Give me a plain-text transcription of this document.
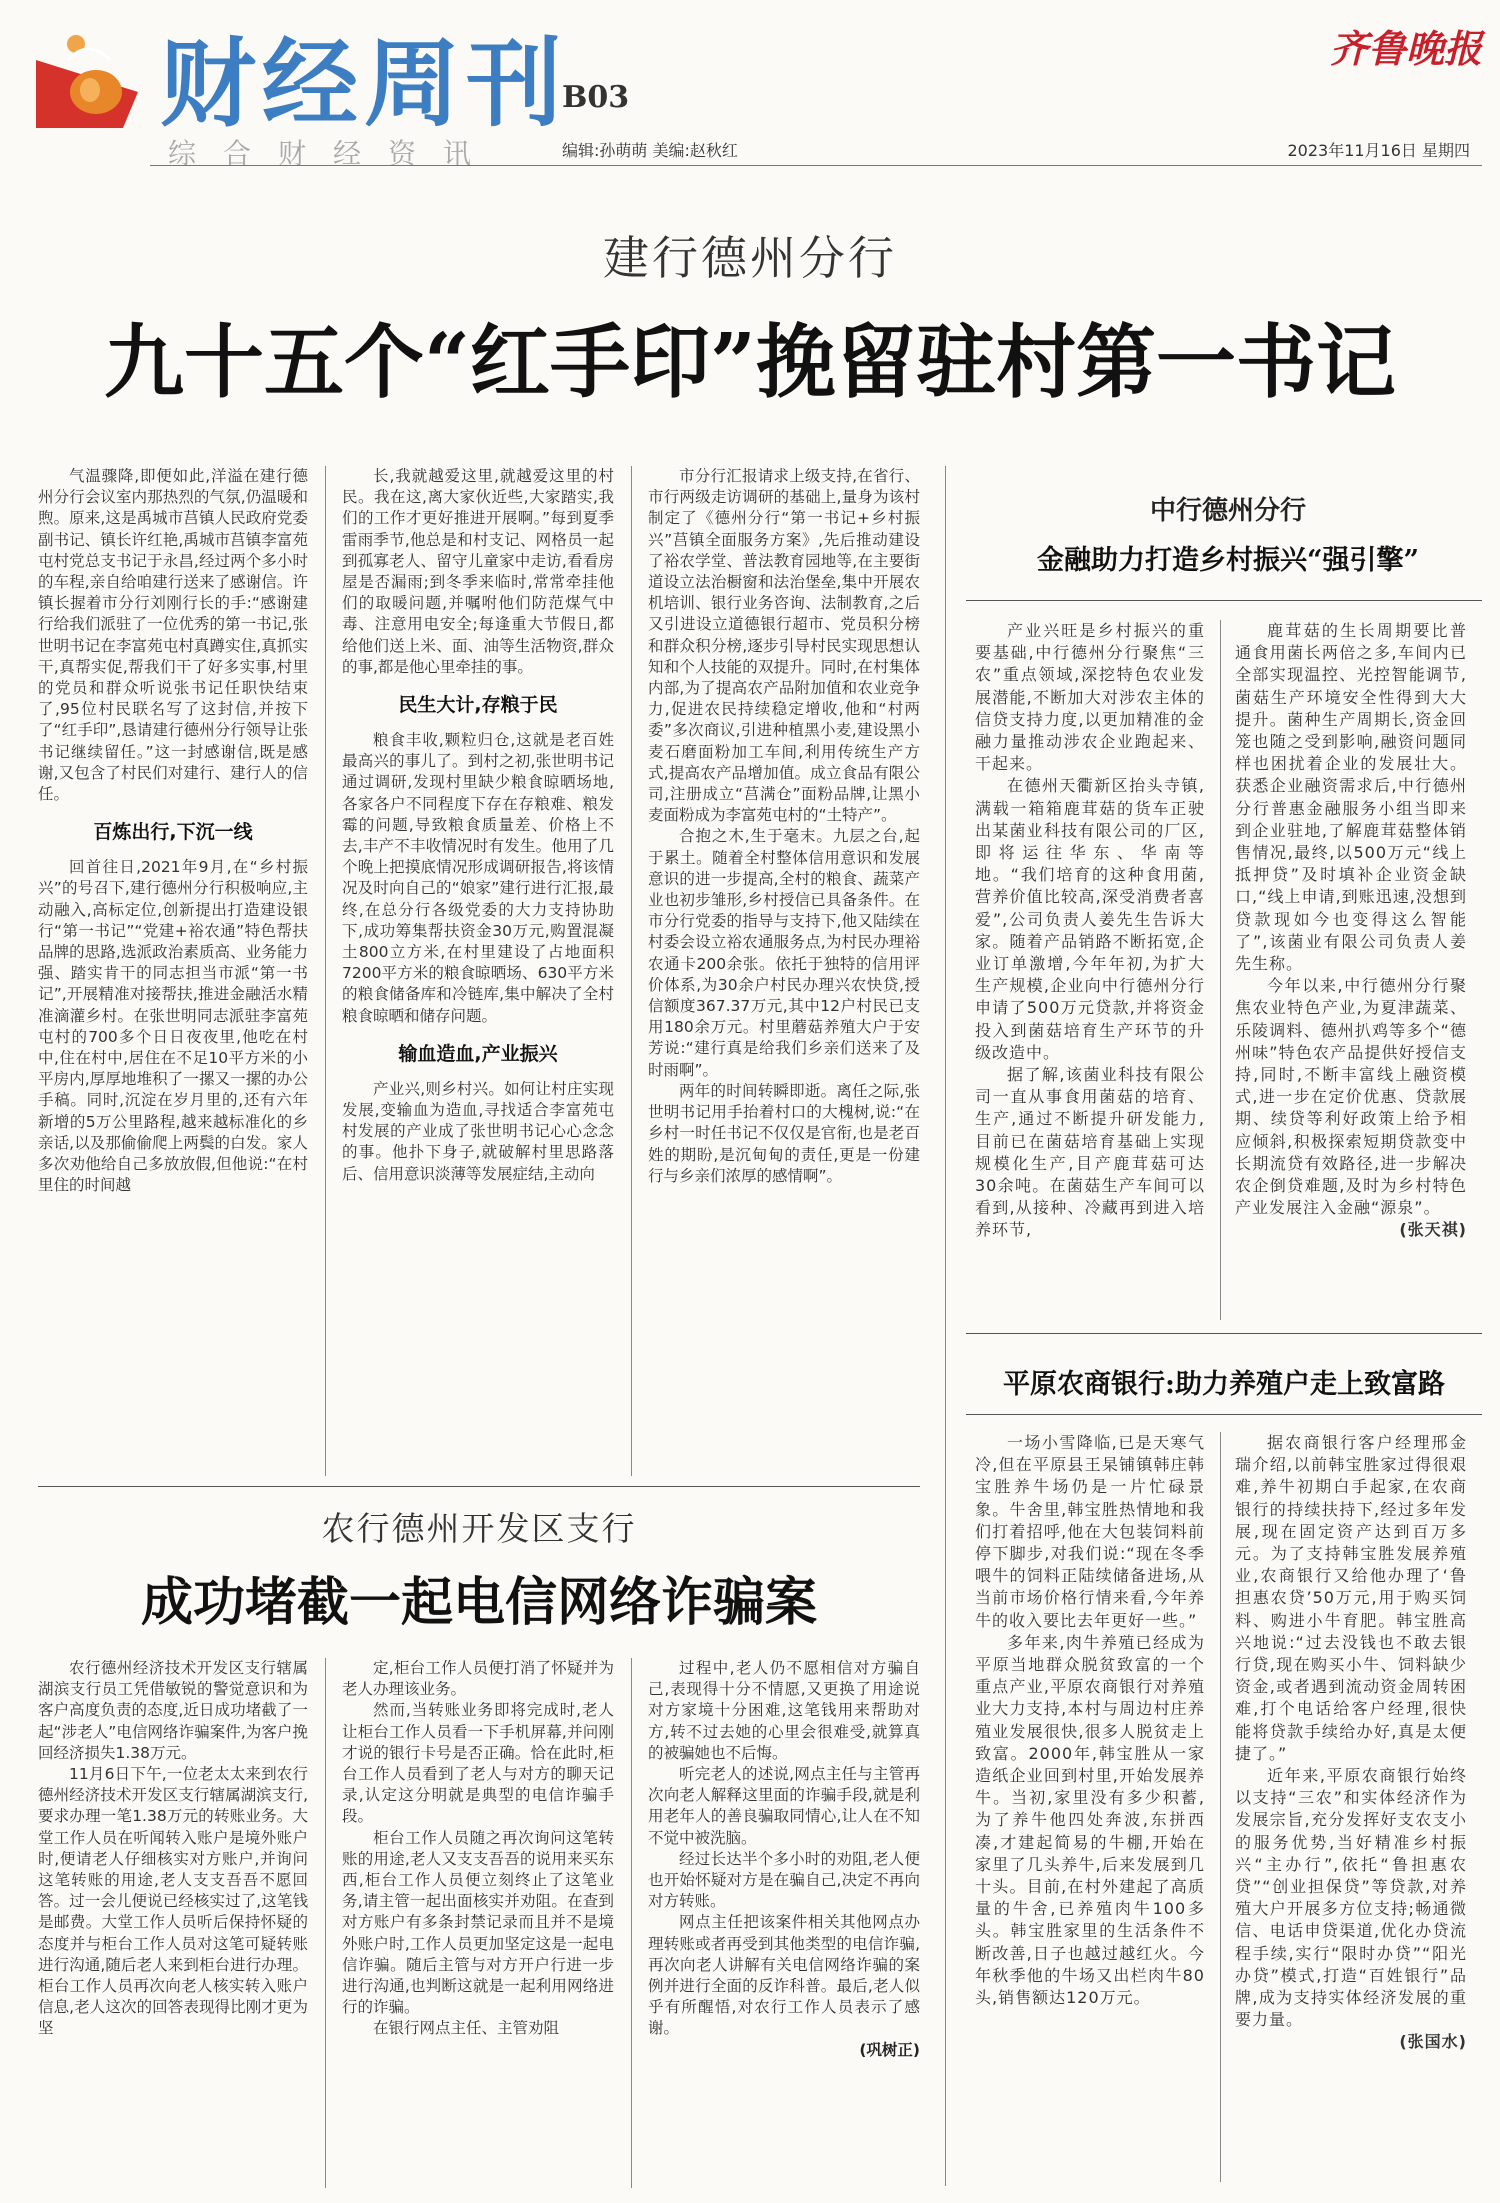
财经周刊
B03
综合财经资讯	编辑:孙萌萌 美编:赵秋红
齐鲁晚报
2023年11月16日 星期四
建行德州分行
九十五个“红手印”挽留驻村第一书记

气温骤降,即便如此,洋溢在建行德州分行会议室内那热烈的气氛,仍温暖和煦。原来,这是禹城市莒镇人民政府党委副书记、镇长许红艳,禹城市莒镇李富苑屯村党总支书记于永昌,经过两个多小时的车程,亲自给咱建行送来了感谢信。许镇长握着市分行刘刚行长的手:“感谢建行给我们派驻了一位优秀的第一书记,张世明书记在李富苑屯村真蹲实住,真抓实干,真帮实促,帮我们干了好多实事,村里的党员和群众听说张书记任职快结束了,95位村民联名写了这封信,并按下了“红手印”,恳请建行德州分行领导让张书记继续留任。”这一封感谢信,既是感谢,又包含了村民们对建行、建行人的信任。

百炼出行,下沉一线

回首往日,2021年9月,在“乡村振兴”的号召下,建行德州分行积极响应,主动融入,高标定位,创新提出打造建设银行“第一书记”“党建+裕农通”特色帮扶品牌的思路,选派政治素质高、业务能力强、踏实肯干的同志担当市派“第一书记”,开展精准对接帮扶,推进金融活水精准滴灌乡村。在张世明同志派驻李富苑屯村的700多个日日夜夜里,他吃在村中,住在村中,居住在不足10平方米的小平房内,厚厚地堆积了一摞又一摞的办公手稿。同时,沉淀在岁月里的,还有六年新增的5万公里路程,越来越标准化的乡亲话,以及那偷偷爬上两鬓的白发。家人多次劝他给自己多放放假,但他说:“在村里住的时间越

长,我就越爱这里,就越爱这里的村民。我在这,离大家伙近些,大家踏实,我们的工作才更好推进开展啊。”每到夏季雷雨季节,他总是和村支记、网格员一起到孤寡老人、留守儿童家中走访,看看房屋是否漏雨;到冬季来临时,常常牵挂他们的取暖问题,并嘱咐他们防范煤气中毒、注意用电安全;每逢重大节假日,都给他们送上米、面、油等生活物资,群众的事,都是他心里牵挂的事。

民生大计,存粮于民

粮食丰收,颗粒归仓,这就是老百姓最高兴的事儿了。到村之初,张世明书记通过调研,发现村里缺少粮食晾晒场地,各家各户不同程度下存在存粮难、粮发霉的问题,导致粮食质量差、价格上不去,丰产不丰收情况时有发生。他用了几个晚上把摸底情况形成调研报告,将该情况及时向自己的“娘家”建行进行汇报,最终,在总分行各级党委的大力支持协助下,成功筹集帮扶资金30万元,购置混凝土800立方米,在村里建设了占地面积7200平方米的粮食晾晒场、630平方米的粮食储备库和冷链库,集中解决了全村粮食晾晒和储存问题。

输血造血,产业振兴

产业兴,则乡村兴。如何让村庄实现发展,变输血为造血,寻找适合李富苑屯村发展的产业成了张世明书记心心念念的事。他扑下身子,就破解村里思路落后、信用意识淡薄等发展症结,主动向

市分行汇报请求上级支持,在省行、市行两级走访调研的基础上,量身为该村制定了《德州分行“第一书记+乡村振兴”莒镇全面服务方案》,先后推动建设了裕农学堂、普法教育园地等,在主要街道设立法治橱窗和法治堡垒,集中开展农机培训、银行业务咨询、法制教育,之后又引进设立道德银行超市、党员积分榜和群众积分榜,逐步引导村民实现思想认知和个人技能的双提升。同时,在村集体内部,为了提高农产品附加值和农业竞争力,促进农民持续稳定增收,他和“村两委”多次商议,引进种植黑小麦,建设黑小麦石磨面粉加工车间,利用传统生产方式,提高农产品增加值。成立食品有限公司,注册成立“莒满仓”面粉品牌,让黑小麦面粉成为李富苑屯村的“土特产”。

合抱之木,生于毫末。九层之台,起于累土。随着全村整体信用意识和发展意识的进一步提高,全村的粮食、蔬菜产业也初步雏形,乡村授信已具备条件。在市分行党委的指导与支持下,他又陆续在村委会设立裕农通服务点,为村民办理裕农通卡200余张。依托于独特的信用评价体系,为30余户村民办理兴农快贷,授信额度367.37万元,其中12户村民已支用180余万元。村里蘑菇养殖大户于安芳说:“建行真是给我们乡亲们送来了及时雨啊”。

两年的时间转瞬即逝。离任之际,张世明书记用手抬着村口的大槐树,说:“在乡村一时任书记不仅仅是官衔,也是老百姓的期盼,是沉甸甸的责任,更是一份建行与乡亲们浓厚的感情啊”。

中行德州分行
金融助力打造乡村振兴“强引擎”

产业兴旺是乡村振兴的重要基础,中行德州分行聚焦“三农”重点领域,深挖特色农业发展潜能,不断加大对涉农主体的信贷支持力度,以更加精准的金融力量推动涉农企业跑起来、干起来。

在德州天衢新区抬头寺镇,满载一箱箱鹿茸菇的货车正驶出某菌业科技有限公司的厂区,即将运往华东、华南等地。“我们培育的这种食用菌,营养价值比较高,深受消费者喜爱”,公司负责人姜先生告诉大家。随着产品销路不断拓宽,企业订单激增,今年年初,为扩大生产规模,企业向中行德州分行申请了500万元贷款,并将资金投入到菌菇培育生产环节的升级改造中。

据了解,该菌业科技有限公司一直从事食用菌菇的培育、生产,通过不断提升研发能力,目前已在菌菇培育基础上实现规模化生产,目产鹿茸菇可达30余吨。在菌菇生产车间可以看到,从接种、冷藏再到进入培养环节,

鹿茸菇的生长周期要比普通食用菌长两倍之多,车间内已全部实现温控、光控智能调节,菌菇生产环境安全性得到大大提升。菌种生产周期长,资金回笼也随之受到影响,融资问题同样也困扰着企业的发展壮大。获悉企业融资需求后,中行德州分行普惠金融服务小组当即来到企业驻地,了解鹿茸菇整体销售情况,最终,以500万元“线上抵押贷”及时填补企业资金缺口,“线上申请,到账迅速,没想到贷款现如今也变得这么智能了”,该菌业有限公司负责人姜先生称。

今年以来,中行德州分行聚焦农业特色产业,为夏津蔬菜、乐陵调料、德州扒鸡等多个“德州味”特色农产品提供好授信支持,同时,不断丰富线上融资模式,进一步在定价优惠、贷款展期、续贷等利好政策上给予相应倾斜,积极探索短期贷款变中长期流贷有效路径,进一步解决农企倒贷难题,及时为乡村特色产业发展注入金融“源泉”。

(张天祺)

平原农商银行:助力养殖户走上致富路

一场小雪降临,已是天寒气冷,但在平原县王杲铺镇韩庄韩宝胜养牛场仍是一片忙碌景象。牛舍里,韩宝胜热情地和我们打着招呼,他在大包装饲料前停下脚步,对我们说:“现在冬季喂牛的饲料正陆续储备进场,从当前市场价格行情来看,今年养牛的收入要比去年更好一些。”

多年来,肉牛养殖已经成为平原当地群众脱贫致富的一个重点产业,平原农商银行对养殖业大力支持,本村与周边村庄养殖业发展很快,很多人脱贫走上致富。2000年,韩宝胜从一家造纸企业回到村里,开始发展养牛。当初,家里没有多少积蓄,为了养牛他四处奔波,东拼西凑,才建起简易的牛棚,开始在家里了几头养牛,后来发展到几十头。目前,在村外建起了高质量的牛舍,已养殖肉牛100多头。韩宝胜家里的生活条件不断改善,日子也越过越红火。今年秋季他的牛场又出栏肉牛80头,销售额达120万元。

据农商银行客户经理邢金瑞介绍,以前韩宝胜家过得很艰难,养牛初期白手起家,在农商银行的持续扶持下,经过多年发展,现在固定资产达到百万多元。为了支持韩宝胜发展养殖业,农商银行又给他办理了‘鲁担惠农贷’50万元,用于购买饲料、购进小牛育肥。韩宝胜高兴地说:“过去没钱也不敢去银行贷,现在购买小牛、饲料缺少资金,或者遇到流动资金周转困难,打个电话给客户经理,很快能将贷款手续给办好,真是太便捷了。”

近年来,平原农商银行始终以支持“三农”和实体经济作为发展宗旨,充分发挥好支农支小的服务优势,当好精准乡村振兴“主办行”,依托“鲁担惠农贷”“创业担保贷”等贷款,对养殖大户开展多方位支持;畅通微信、电话申贷渠道,优化办贷流程手续,实行“限时办贷”“阳光办贷”模式,打造“百姓银行”品牌,成为支持实体经济发展的重要力量。

(张国水)

农行德州开发区支行
成功堵截一起电信网络诈骗案

农行德州经济技术开发区支行辖属湖滨支行员工凭借敏锐的警觉意识和为客户高度负责的态度,近日成功堵截了一起“涉老人”电信网络诈骗案件,为客户挽回经济损失1.38万元。

11月6日下午,一位老太太来到农行德州经济技术开发区支行辖属湖滨支行,要求办理一笔1.38万元的转账业务。大堂工作人员在听闻转入账户是境外账户时,便请老人仔细核实对方账户,并询问这笔转账的用途,老人支支吾吾不愿回答。过一会儿便说已经核实过了,这笔钱是邮费。大堂工作人员听后保持怀疑的态度并与柜台工作人员对这笔可疑转账进行沟通,随后老人来到柜台进行办理。柜台工作人员再次向老人核实转入账户信息,老人这次的回答表现得比刚才更为坚

定,柜台工作人员便打消了怀疑并为老人办理该业务。

然而,当转账业务即将完成时,老人让柜台工作人员看一下手机屏幕,并问刚才说的银行卡号是否正确。恰在此时,柜台工作人员看到了老人与对方的聊天记录,认定这分明就是典型的电信诈骗手段。

柜台工作人员随之再次询问这笔转账的用途,老人又支支吾吾的说用来买东西,柜台工作人员便立刻终止了这笔业务,请主管一起出面核实并劝阻。在查到对方账户有多条封禁记录而且并不是境外账户时,工作人员更加坚定这是一起电信诈骗。随后主管与对方开户行进一步进行沟通,也判断这就是一起利用网络进行的诈骗。

在银行网点主任、主管劝阻

过程中,老人仍不愿相信对方骗自己,表现得十分不情愿,又更换了用途说对方家境十分困难,这笔钱用来帮助对方,转不过去她的心里会很难受,就算真的被骗她也不后悔。

听完老人的述说,网点主任与主管再次向老人解释这里面的诈骗手段,就是利用老年人的善良骗取同情心,让人在不知不觉中被洗脑。

经过长达半个多小时的劝阻,老人便也开始怀疑对方是在骗自己,决定不再向对方转账。

网点主任把该案件相关其他网点办理转账或者再受到其他类型的电信诈骗,再次向老人讲解有关电信网络诈骗的案例并进行全面的反诈科普。最后,老人似乎有所醒悟,对农行工作人员表示了感谢。

(巩树正)
